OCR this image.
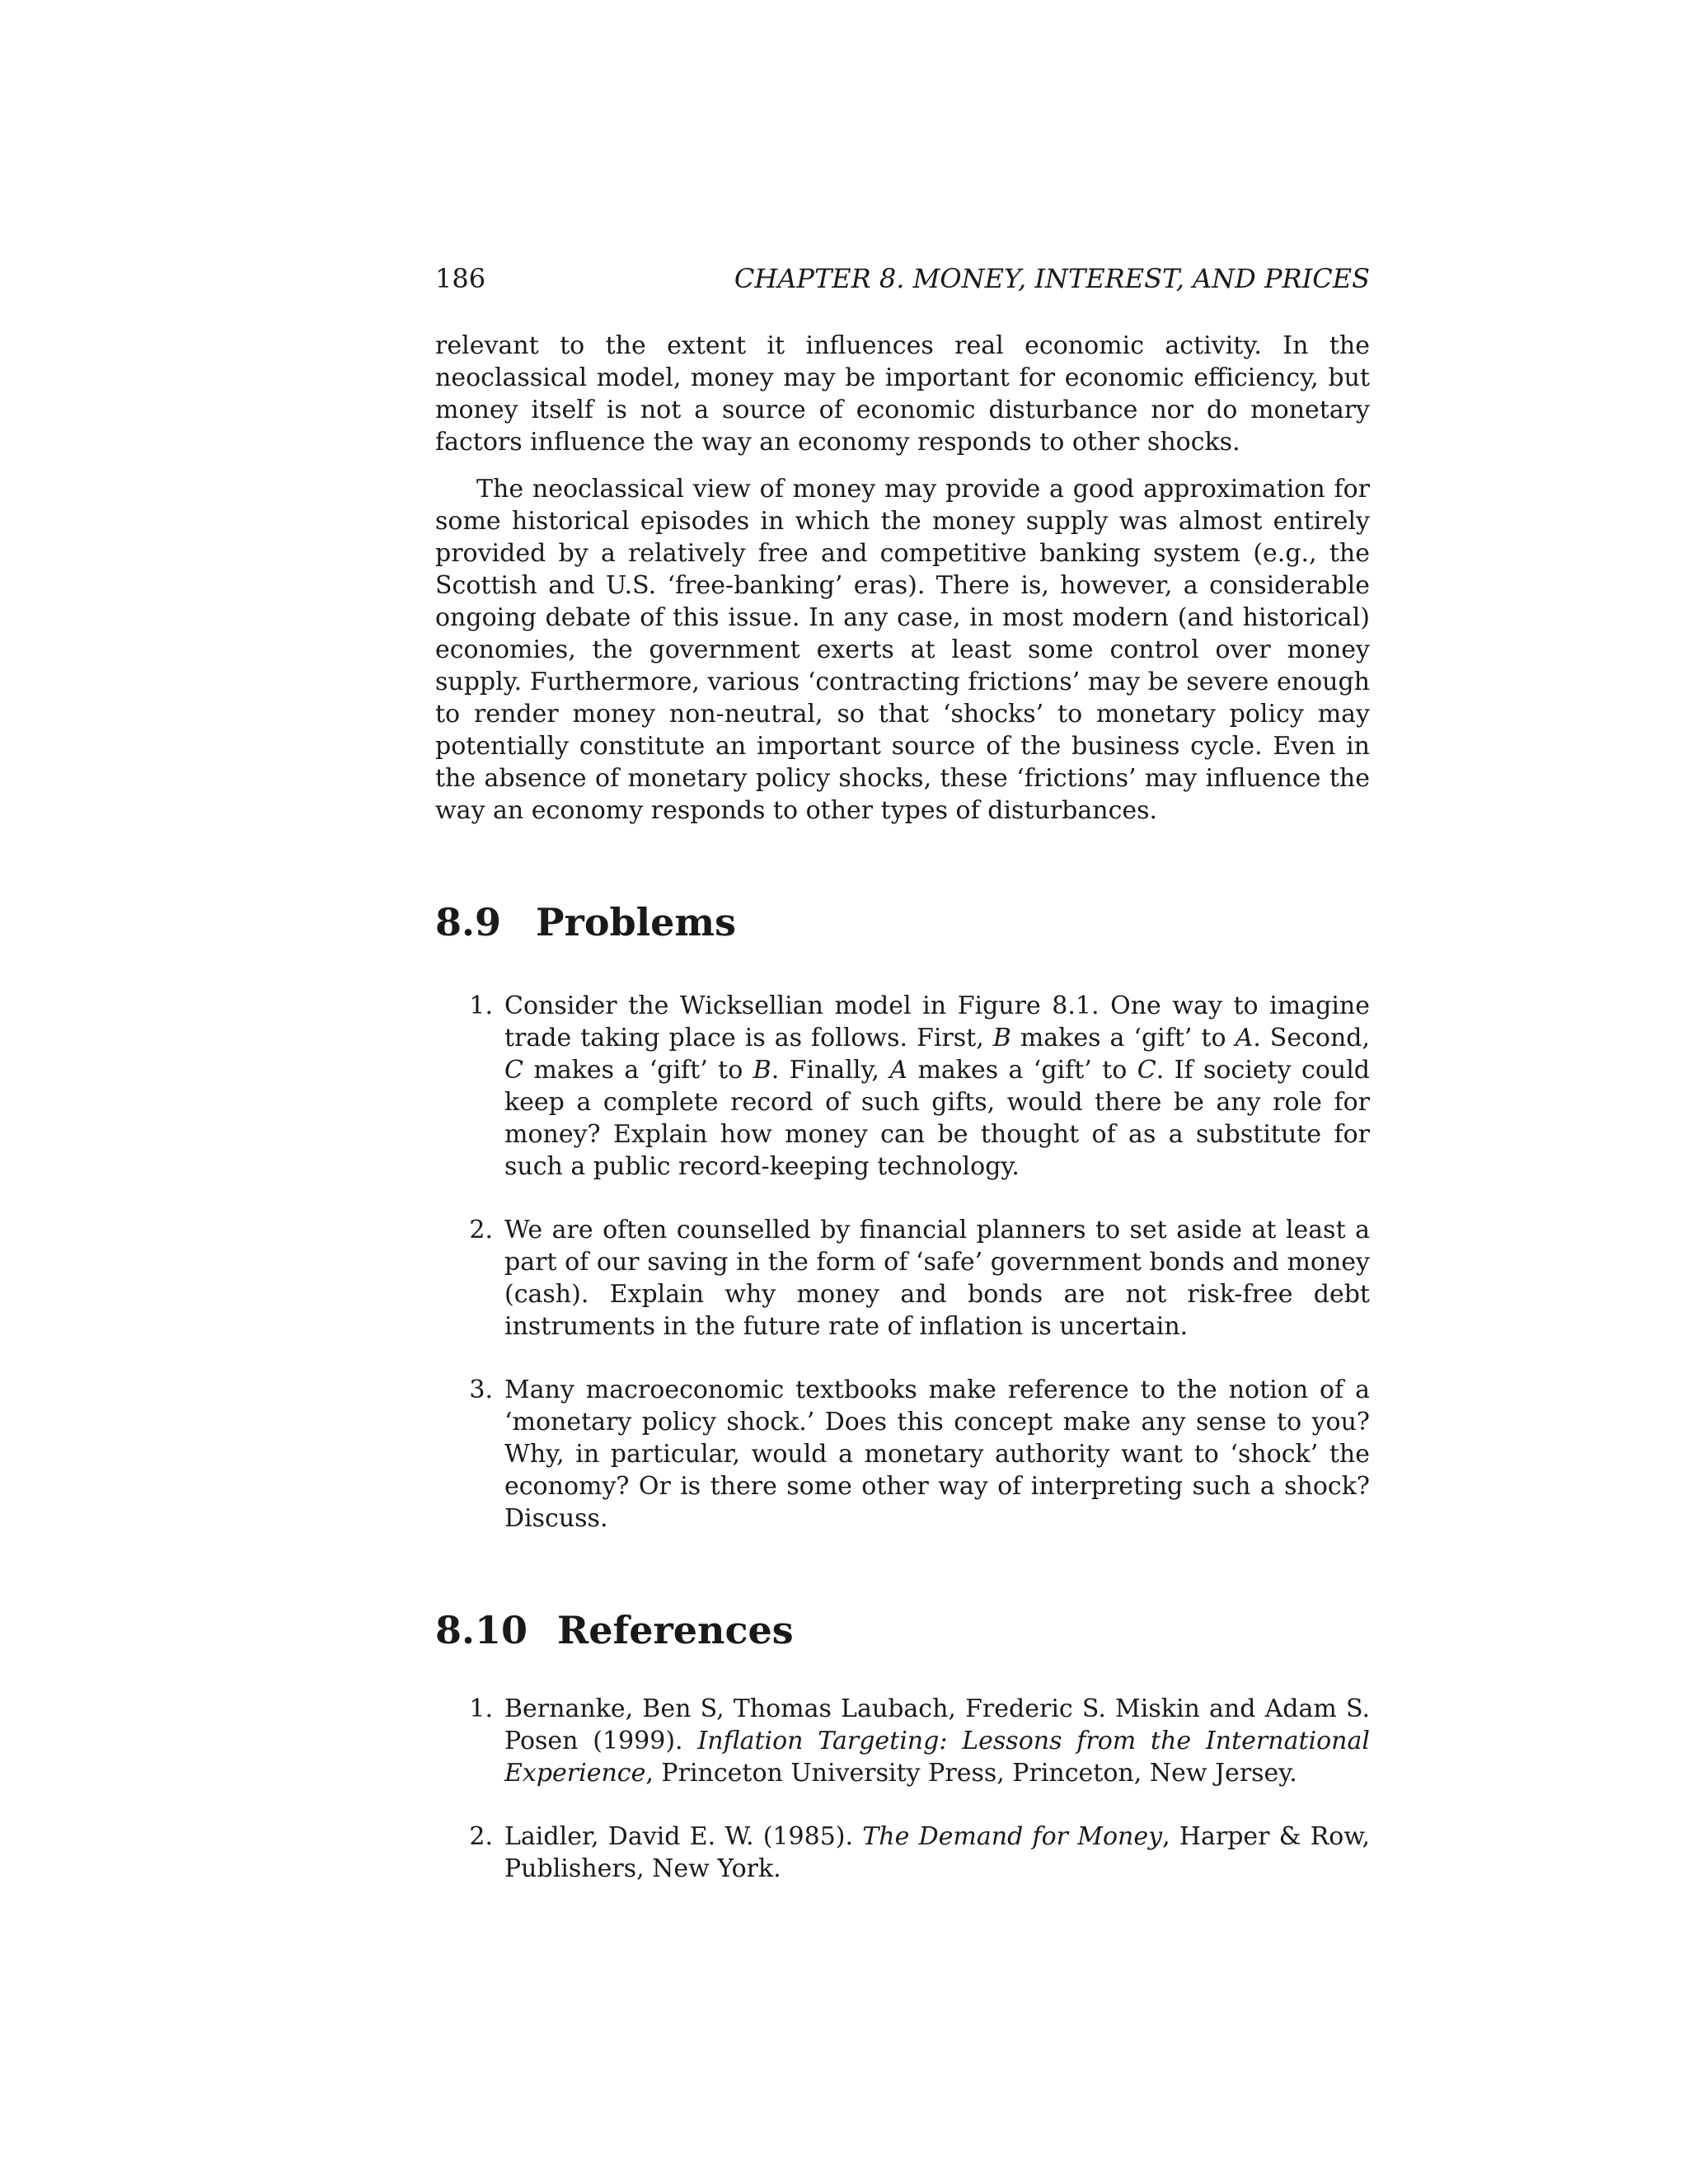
186	CHAPTER 8. MONEY, INTEREST, AND PRICES

relevant to the extent it influences real economic activity. In the neoclassical model, money may be important for economic efficiency, but money itself is not a source of economic disturbance nor do monetary factors influence the way an economy responds to other shocks.

The neoclassical view of money may provide a good approximation for some historical episodes in which the money supply was almost entirely provided by a relatively free and competitive banking system (e.g., the Scottish and U.S. ‘free-banking’ eras). There is, however, a considerable ongoing debate of this issue. In any case, in most modern (and historical) economies, the government exerts at least some control over money supply. Furthermore, various ‘contracting frictions’ may be severe enough to render money non-neutral, so that ‘shocks’ to monetary policy may potentially constitute an important source of the business cycle. Even in the absence of monetary policy shocks, these ‘frictions’ may influence the way an economy responds to other types of disturbances.

8.9 Problems
1. Consider the Wicksellian model in Figure 8.1. One way to imagine trade taking place is as follows. First, B makes a ‘gift’ to A. Second, C makes a ‘gift’ to B. Finally, A makes a ‘gift’ to C. If society could keep a complete record of such gifts, would there be any role for money? Explain how money can be thought of as a substitute for such a public record-keeping technology.
2. We are often counselled by financial planners to set aside at least a part of our saving in the form of ‘safe’ government bonds and money (cash). Explain why money and bonds are not risk-free debt instruments in the future rate of inflation is uncertain.
3. Many macroeconomic textbooks make reference to the notion of a ‘monetary policy shock.’ Does this concept make any sense to you? Why, in particular, would a monetary authority want to ‘shock’ the economy? Or is there some other way of interpreting such a shock? Discuss.
8.10 References
1. Bernanke, Ben S, Thomas Laubach, Frederic S. Miskin and Adam S. Posen (1999). Inflation Targeting: Lessons from the International Experience, Princeton University Press, Princeton, New Jersey.
2. Laidler, David E. W. (1985). The Demand for Money, Harper & Row, Publishers, New York.
